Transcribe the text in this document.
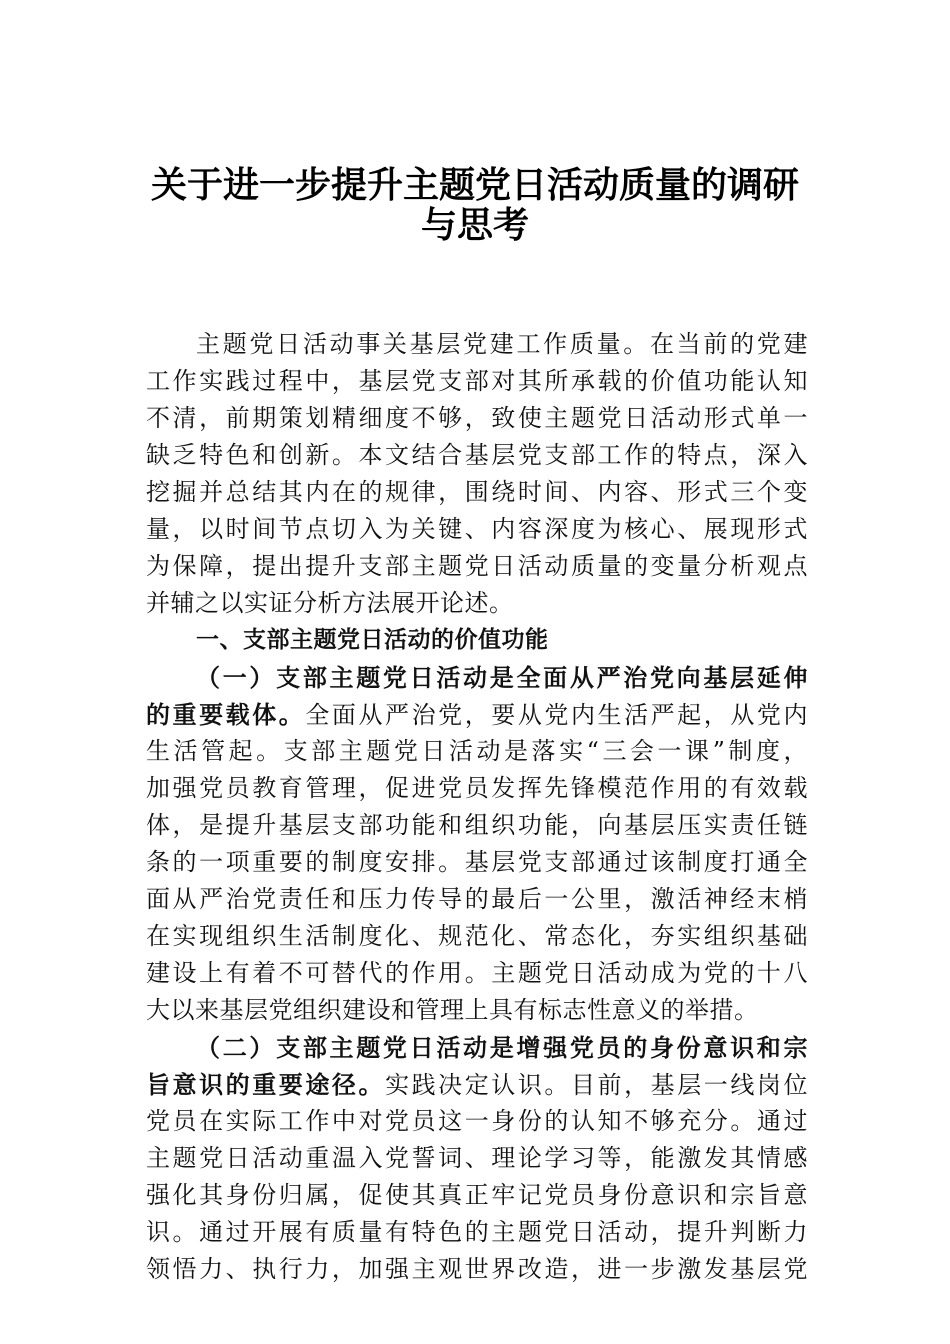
关于进一步提升主题党日活动质量的调研
与思考
主题党日活动事关基层党建工作质量。在当前的党建
工作实践过程中，基层党支部对其所承载的价值功能认知
不清，前期策划精细度不够，致使主题党日活动形式单一
缺乏特色和创新。本文结合基层党支部工作的特点，深入
挖掘并总结其内在的规律，围绕时间、内容、形式三个变
量，以时间节点切入为关键、内容深度为核心、展现形式
为保障，提出提升支部主题党日活动质量的变量分析观点
并辅之以实证分析方法展开论述。
一、支部主题党日活动的价值功能
（一）支部主题党日活动是全面从严治党向基层延伸
的重要载体。全面从严治党，要从党内生活严起，从党内
生活管起。支部主题党日活动是落实“三会一课”制度，
加强党员教育管理，促进党员发挥先锋模范作用的有效载
体，是提升基层支部功能和组织功能，向基层压实责任链
条的一项重要的制度安排。基层党支部通过该制度打通全
面从严治党责任和压力传导的最后一公里，激活神经末梢
在实现组织生活制度化、规范化、常态化，夯实组织基础
建设上有着不可替代的作用。主题党日活动成为党的十八
大以来基层党组织建设和管理上具有标志性意义的举措。
（二）支部主题党日活动是增强党员的身份意识和宗
旨意识的重要途径。实践决定认识。目前，基层一线岗位
党员在实际工作中对党员这一身份的认知不够充分。通过
主题党日活动重温入党誓词、理论学习等，能激发其情感
强化其身份归属，促使其真正牢记党员身份意识和宗旨意
识。通过开展有质量有特色的主题党日活动，提升判断力
领悟力、执行力，加强主观世界改造，进一步激发基层党
